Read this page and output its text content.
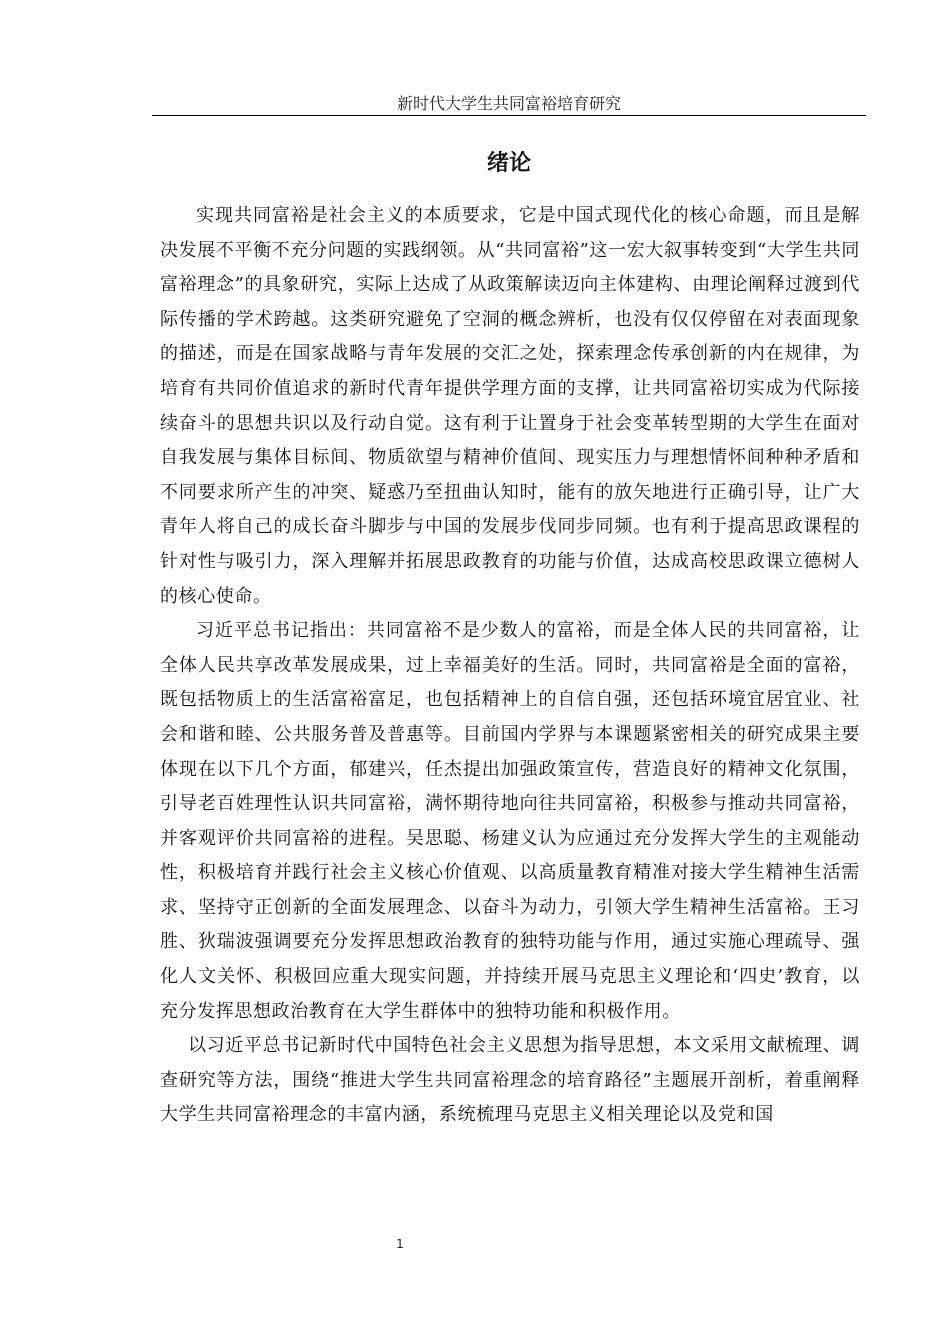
新时代大学生共同富裕培育研究
绪论

实现共同富裕是社会主义的本质要求，它是中国式现代化的核心命题，而且是解决发展不平衡不充分问题的实践纲领。从“共同富裕”这一宏大叙事转变到“大学生共同富裕理念”的具象研究，实际上达成了从政策解读迈向主体建构、由理论阐释过渡到代际传播的学术跨越。这类研究避免了空洞的概念辨析，也没有仅仅停留在对表面现象的描述，而是在国家战略与青年发展的交汇之处，探索理念传承创新的内在规律，为培育有共同价值追求的新时代青年提供学理方面的支撑，让共同富裕切实成为代际接续奋斗的思想共识以及行动自觉。这有利于让置身于社会变革转型期的大学生在面对自我发展与集体目标间、物质欲望与精神价值间、现实压力与理想情怀间种种矛盾和不同要求所产生的冲突、疑惑乃至扭曲认知时，能有的放矢地进行正确引导，让广大青年人将自己的成长奋斗脚步与中国的发展步伐同步同频。也有利于提高思政课程的针对性与吸引力，深入理解并拓展思政教育的功能与价值，达成高校思政课立德树人的核心使命。

习近平总书记指出：共同富裕不是少数人的富裕，而是全体人民的共同富裕，让全体人民共享改革发展成果，过上幸福美好的生活。同时，共同富裕是全面的富裕，既包括物质上的生活富裕富足，也包括精神上的自信自强，还包括环境宜居宜业、社会和谐和睦、公共服务普及普惠等。目前国内学界与本课题紧密相关的研究成果主要体现在以下几个方面，郁建兴，任杰提出加强政策宣传，营造良好的精神文化氛围，引导老百姓理性认识共同富裕，满怀期待地向往共同富裕，积极参与推动共同富裕，并客观评价共同富裕的进程。吴思聪、杨建义认为应通过充分发挥大学生的主观能动性，积极培育并践行社会主义核心价值观、以高质量教育精准对接大学生精神生活需求、坚持守正创新的全面发展理念、以奋斗为动力，引领大学生精神生活富裕。王习胜、狄瑞波强调要充分发挥思想政治教育的独特功能与作用，通过实施心理疏导、强化人文关怀、积极回应重大现实问题，并持续开展马克思主义理论和‘四史’教育，以充分发挥思想政治教育在大学生群体中的独特功能和积极作用。

以习近平总书记新时代中国特色社会主义思想为指导思想，本文采用文献梳理、调查研究等方法，围绕“推进大学生共同富裕理念的培育路径”主题展开剖析，着重阐释大学生共同富裕理念的丰富内涵，系统梳理马克思主义相关理论以及党和国

1
